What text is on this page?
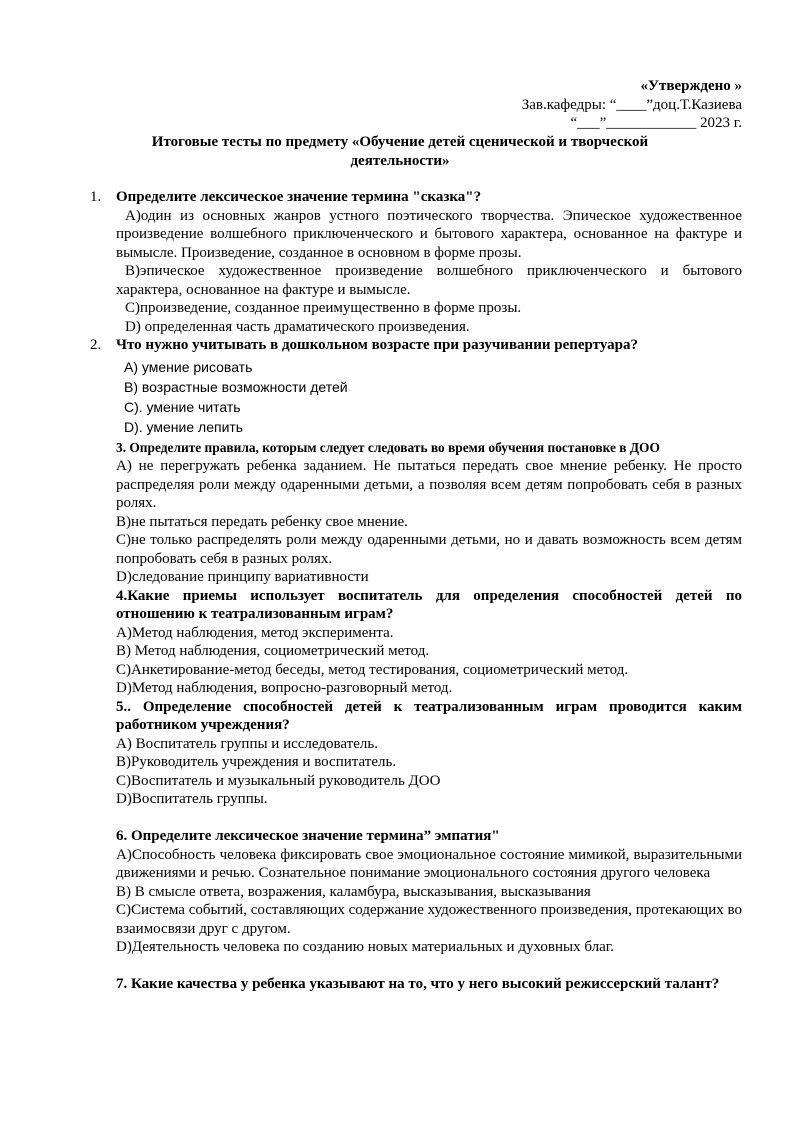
«Утверждено »
Зав.кафедры: “____”доц.Т.Казиева
“___”____________ 2023 г.
Итоговые тесты по предмету «Обучение детей сценической и творческой
деятельности»
1. Определите лексическое значение термина "сказка"?
А)один из основных жанров устного поэтического творчества. Эпическое художественное произведение волшебного приключенческого и бытового характера, основанное на фактуре и вымысле. Произведение, созданное в основном в форме прозы.
В)эпическое художественное произведение волшебного приключенческого и бытового характера, основанное на фактуре и вымысле.
С)произведение, созданное преимущественно в форме прозы.
D) определенная часть драматического произведения.
2. Что нужно учитывать в дошкольном возрасте при разучивании репертуара?
A) умение рисовать
B) возрастные возможности детей
C). умение читать
D). умение лепить
3. Определите правила, которым следует следовать во время обучения постановке в ДОО
А) не перегружать ребенка заданием. Не пытаться передать свое мнение ребенку. Не просто распределяя роли между одаренными детьми, а позволяя всем детям попробовать себя в разных ролях.
В)не пытаться передать ребенку свое мнение.
С)не только распределять роли между одаренными детьми, но и давать возможность всем детям попробовать себя в разных ролях.
D)следование принципу вариативности
4.Какие приемы использует воспитатель для определения способностей детей по отношению к театрализованным играм?
А)Метод наблюдения, метод эксперимента.
В) Метод наблюдения, социометрический метод.
С)Анкетирование-метод беседы, метод тестирования, социометрический метод.
D)Метод наблюдения, вопросно-разговорный метод.
5.. Определение способностей детей к театрализованным играм проводится каким работником учреждения?
А) Воспитатель группы и исследователь.
В)Руководитель учреждения и воспитатель.
С)Воспитатель и музыкальный руководитель ДОО
D)Воспитатель группы.
6. Определите лексическое значение термина” эмпатия"
А)Способность человека фиксировать свое эмоциональное состояние мимикой, выразительными движениями и речью. Сознательное понимание эмоционального состояния другого человека
В) В смысле ответа, возражения, каламбура, высказывания, высказывания
С)Система событий, составляющих содержание художественного произведения, протекающих во взаимосвязи друг с другом.
D)Деятельность человека по созданию новых материальных и духовных благ.
7. Какие качества у ребенка указывают на то, что у него высокий режиссерский талант?
